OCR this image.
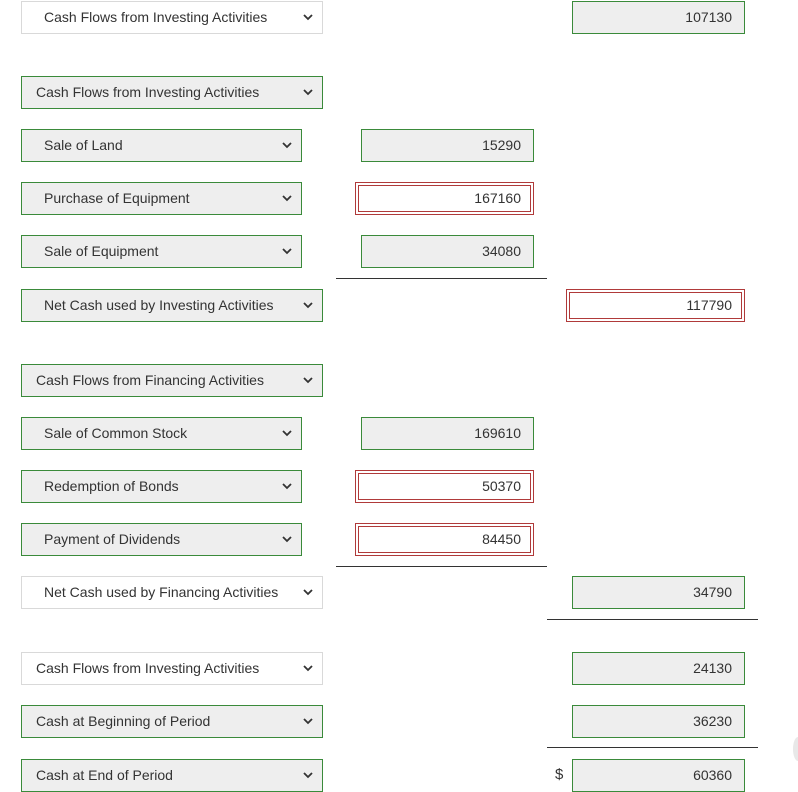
Cash Flows from Investing Activities	107130
Cash Flows from Investing Activities
Sale of Land	15290
Purchase of Equipment	167160
Sale of Equipment	34080
Net Cash used by Investing Activities	117790
Cash Flows from Financing Activities
Sale of Common Stock	169610
Redemption of Bonds	50370
Payment of Dividends	84450
Net Cash used by Financing Activities	34790
Cash Flows from Investing Activities	24130
Cash at Beginning of Period	36230
Cash at End of Period	$	60360
